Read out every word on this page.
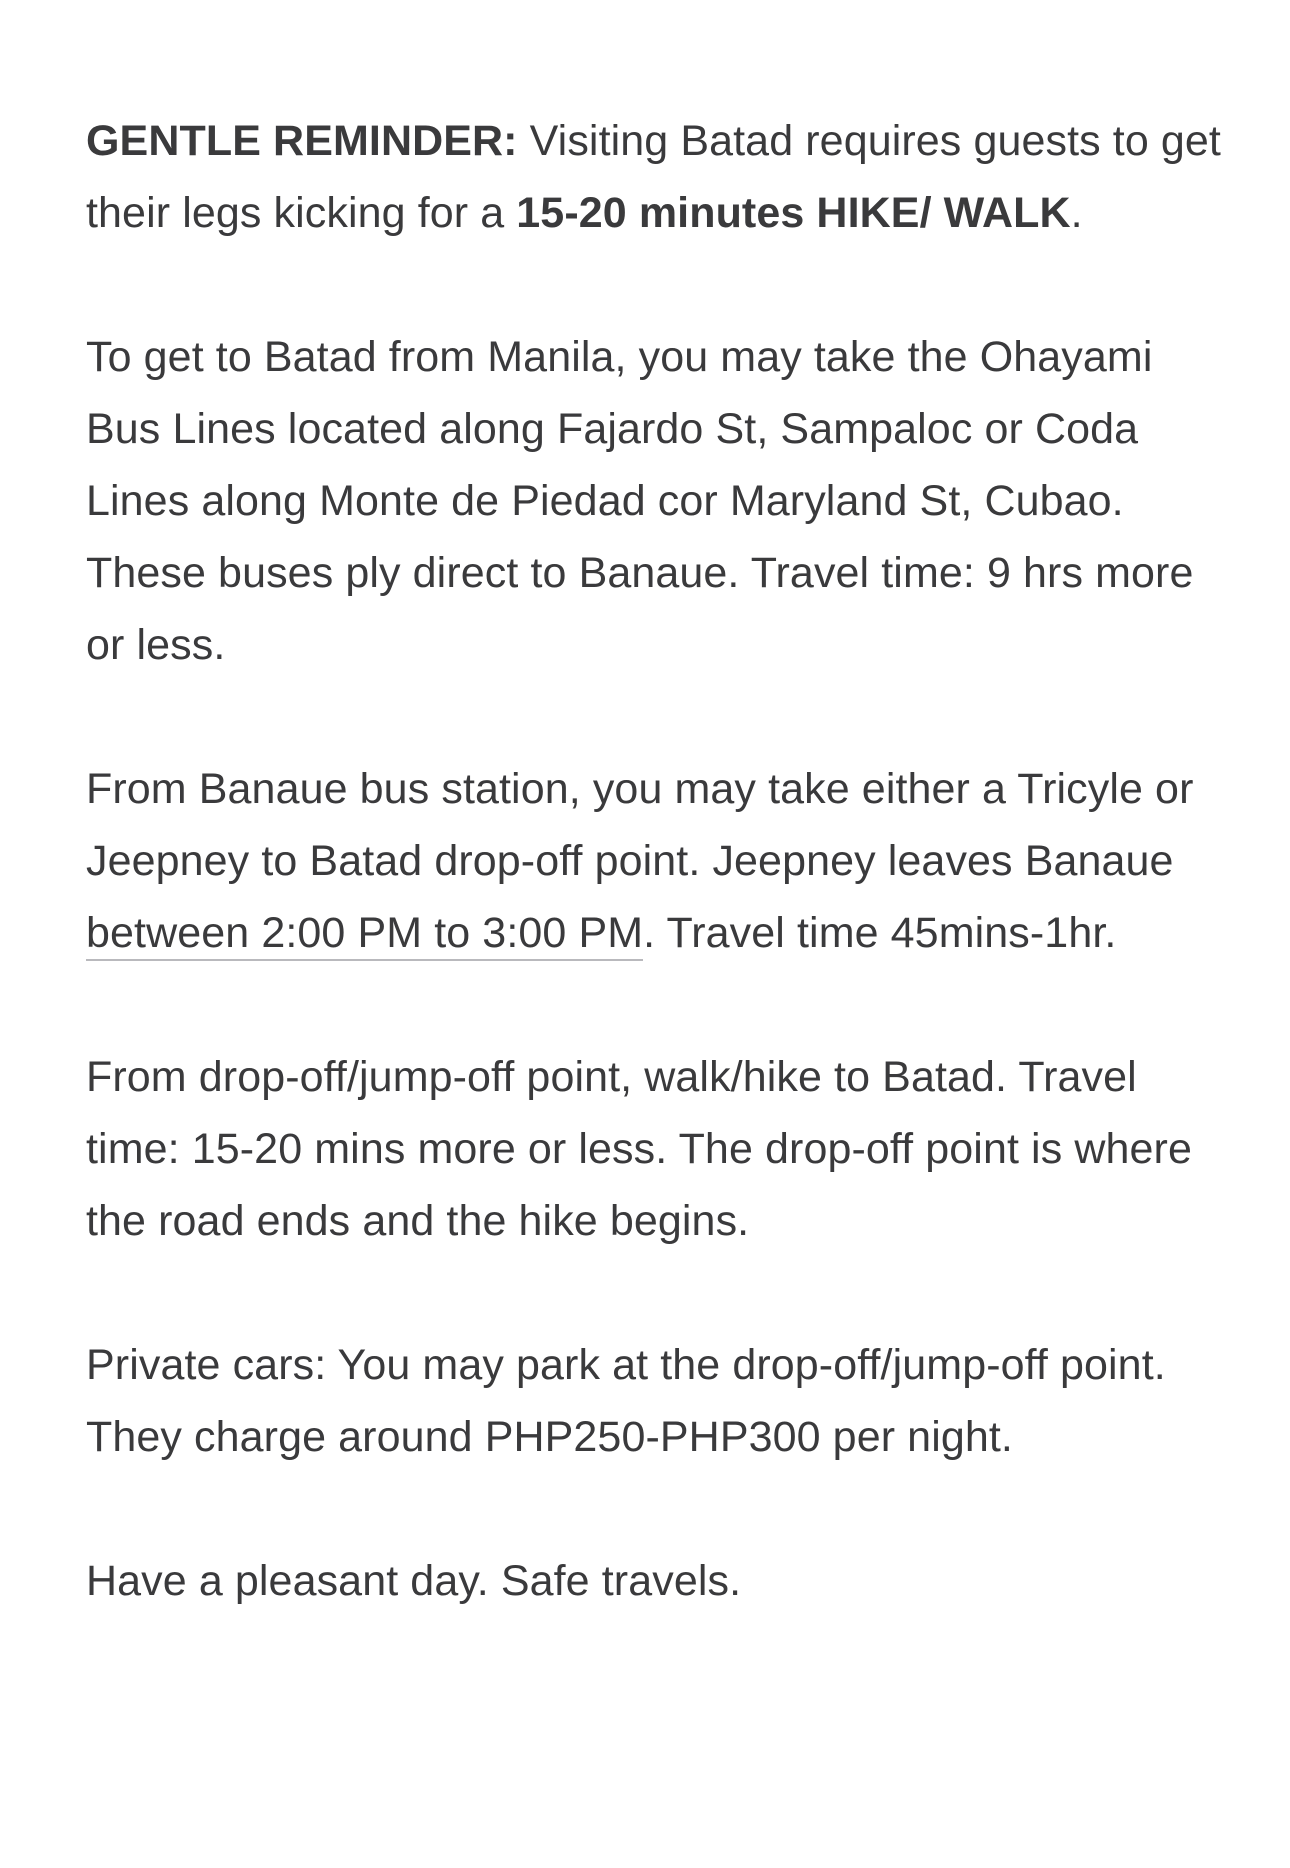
GENTLE REMINDER: Visiting Batad requires guests to get their legs kicking for a 15-20 minutes HIKE/ WALK.

To get to Batad from Manila, you may take the Ohayami Bus Lines located along Fajardo St, Sampaloc or Coda Lines along Monte de Piedad cor Maryland St, Cubao. These buses ply direct to Banaue. Travel time: 9 hrs more or less.

From Banaue bus station, you may take either a Tricyle or Jeepney to Batad drop-off point. Jeepney leaves Banaue between 2:00 PM to 3:00 PM. Travel time 45mins-1hr.

From drop-off/jump-off point, walk/hike to Batad. Travel time: 15-20 mins more or less. The drop-off point is where the road ends and the hike begins.

Private cars: You may park at the drop-off/jump-off point. They charge around PHP250-PHP300 per night.

Have a pleasant day. Safe travels.
